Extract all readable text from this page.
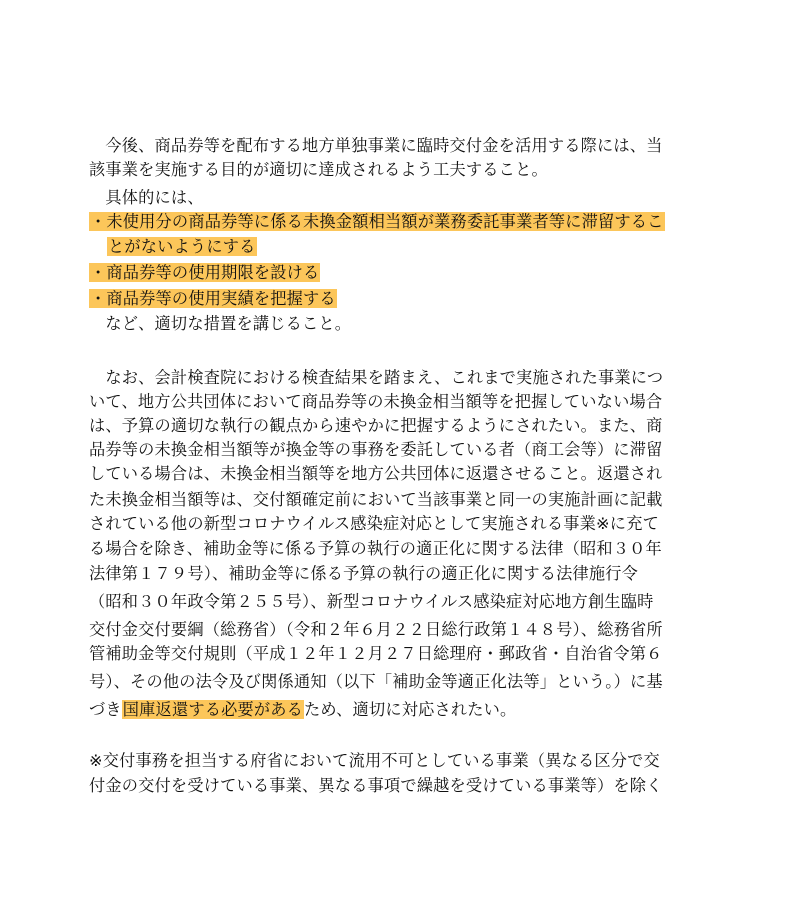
　今後、商品券等を配布する地方単独事業に臨時交付金を活用する際には、当
該事業を実施する目的が適切に達成されるよう工夫すること。
　具体的には、
・未使用分の商品券等に係る未換金額相当額が業務委託事業者等に滞留するこ
とがないようにする
・商品券等の使用期限を設ける
・商品券等の使用実績を把握する
　など、適切な措置を講じること。
　なお、会計検査院における検査結果を踏まえ、これまで実施された事業につ
いて、地方公共団体において商品券等の未換金相当額等を把握していない場合
は、予算の適切な執行の観点から速やかに把握するようにされたい。また、商
品券等の未換金相当額等が換金等の事務を委託している者（商工会等）に滞留
している場合は、未換金相当額等を地方公共団体に返還させること。返還され
た未換金相当額等は、交付額確定前において当該事業と同一の実施計画に記載
されている他の新型コロナウイルス感染症対応として実施される事業※に充て
る場合を除き、補助金等に係る予算の執行の適正化に関する法律（昭和３０年
法律第１７９号）、補助金等に係る予算の執行の適正化に関する法律施行令
（昭和３０年政令第２５５号）、新型コロナウイルス感染症対応地方創生臨時
交付金交付要綱（総務省）（令和２年６月２２日総行政第１４８号）、総務省所
管補助金等交付規則（平成１２年１２月２７日総理府・郵政省・自治省令第６
号）、その他の法令及び関係通知（以下「補助金等適正化法等」という。）に基
づき国庫返還する必要があるため、適切に対応されたい。
※交付事務を担当する府省において流用不可としている事業（異なる区分で交
付金の交付を受けている事業、異なる事項で繰越を受けている事業等）を除く
